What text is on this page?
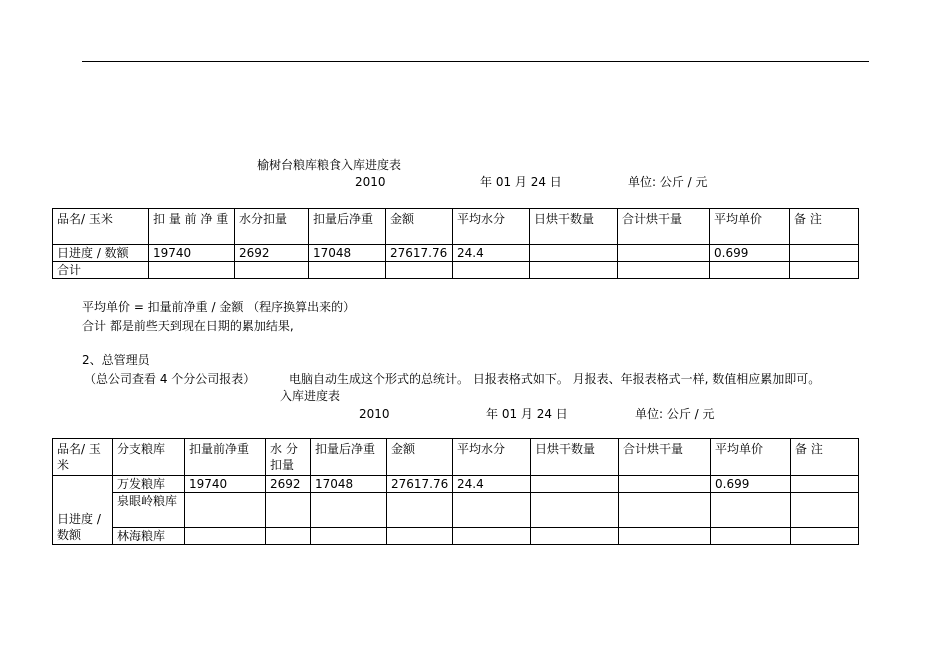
榆树台粮库粮食入库进度表
2010	年 01 月 24 日	单位: 公斤 / 元
品名/ 玉米	扣 量 前 净 重	水分扣量	扣量后净重	金额	平均水分	日烘干数量	合计烘干量	平均单价	备 注
日进度 / 数额	19740	2692	17048	27617.76	24.4			0.699	
合计									
平均单价 = 扣量前净重 / 金额 （程序换算出来的）
合计 都是前些天到现在日期的累加结果,
2、总管理员
（总公司查看 4 个分公司报表）	电脑自动生成这个形式的总统计。 日报表格式如下。 月报表、年报表格式一样, 数值相应累加即可。
入库进度表
2010	年 01 月 24 日	单位: 公斤 / 元
品名/ 玉米	分支粮库	扣量前净重	水 分扣量	扣量后净重	金额	平均水分	日烘干数量	合计烘干量	平均单价	备 注
日进度 / 数额	万发粮库	19740	2692	17048	27617.76	24.4			0.699	
	泉眼岭粮库									
	林海粮库									
